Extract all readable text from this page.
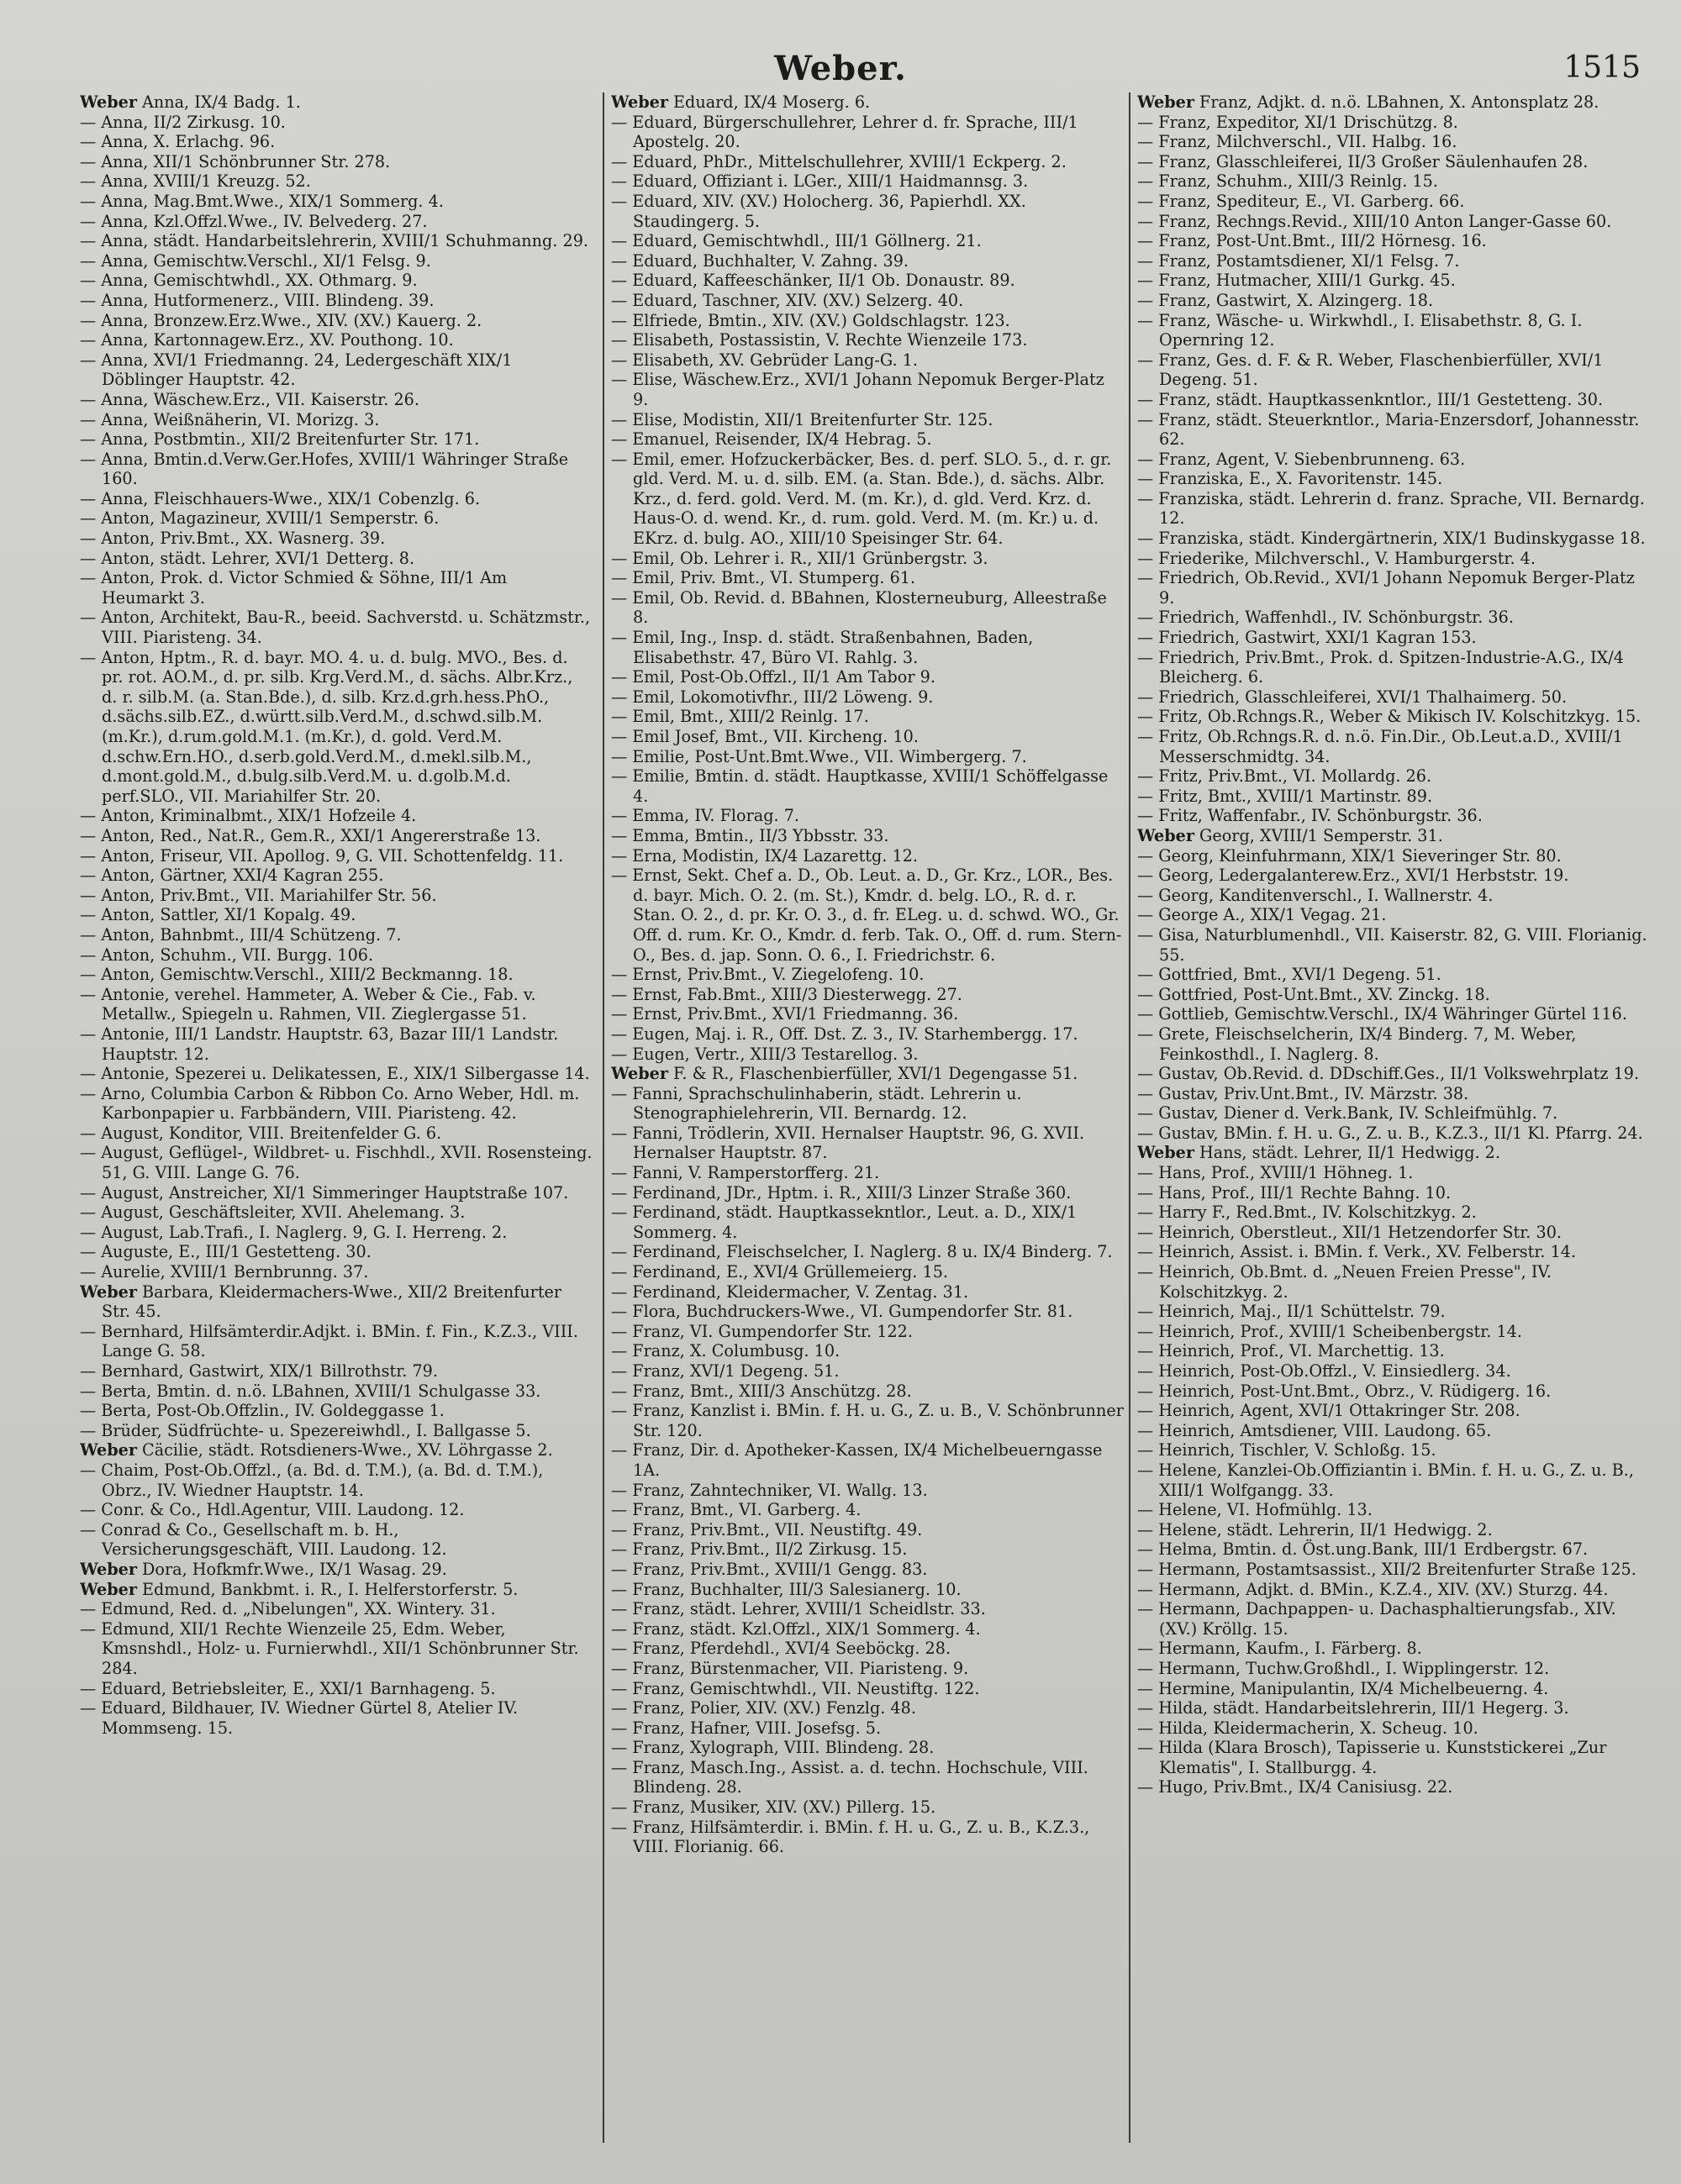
Weber.	1515

Weber Anna, IX/4 Badg. 1.

— Anna, II/2 Zirkusg. 10.

— Anna, X. Erlachg. 96.

— Anna, XII/1 Schönbrunner Str. 278.

— Anna, XVIII/1 Kreuzg. 52.

— Anna, Mag.Bmt.Wwe., XIX/1 Sommerg. 4.

— Anna, Kzl.Offzl.Wwe., IV. Belvederg. 27.

— Anna, städt. Handarbeitslehrerin, XVIII/1 Schuhmanng. 29.

— Anna, Gemischtw.Verschl., XI/1 Felsg. 9.

— Anna, Gemischtwhdl., XX. Othmarg. 9.

— Anna, Hutformenerz., VIII. Blindeng. 39.

— Anna, Bronzew.Erz.Wwe., XIV. (XV.) Kauerg. 2.

— Anna, Kartonnagew.Erz., XV. Pouthong. 10.

— Anna, XVI/1 Friedmanng. 24, Ledergeschäft XIX/1 Döblinger Hauptstr. 42.

— Anna, Wäschew.Erz., VII. Kaiserstr. 26.

— Anna, Weißnäherin, VI. Morizg. 3.

— Anna, Postbmtin., XII/2 Breitenfurter Str. 171.

— Anna, Bmtin.d.Verw.Ger.Hofes, XVIII/1 Währinger Straße 160.

— Anna, Fleischhauers-Wwe., XIX/1 Cobenzlg. 6.

— Anton, Magazineur, XVIII/1 Semperstr. 6.

— Anton, Priv.Bmt., XX. Wasnerg. 39.

— Anton, städt. Lehrer, XVI/1 Detterg. 8.

— Anton, Prok. d. Victor Schmied & Söhne, III/1 Am Heumarkt 3.

— Anton, Architekt, Bau-R., beeid. Sachverstd. u. Schätzmstr., VIII. Piaristeng. 34.

— Anton, Hptm., R. d. bayr. MO. 4. u. d. bulg. MVO., Bes. d. pr. rot. AO.M., d. pr. silb. Krg.Verd.M., d. sächs. Albr.Krz., d. r. silb.M. (a. Stan.Bde.), d. silb. Krz.d.grh.hess.PhO., d.sächs.silb.EZ., d.württ.silb.Verd.M., d.schwd.silb.M. (m.Kr.), d.rum.gold.M.1. (m.Kr.), d. gold. Verd.M. d.schw.Ern.HO., d.serb.gold.Verd.M., d.mekl.silb.M., d.mont.gold.M., d.bulg.silb.Verd.M. u. d.golb.M.d. perf.SLO., VII. Mariahilfer Str. 20.

— Anton, Kriminalbmt., XIX/1 Hofzeile 4.

— Anton, Red., Nat.R., Gem.R., XXI/1 Angererstraße 13.

— Anton, Friseur, VII. Apollog. 9, G. VII. Schottenfeldg. 11.

— Anton, Gärtner, XXI/4 Kagran 255.

— Anton, Priv.Bmt., VII. Mariahilfer Str. 56.

— Anton, Sattler, XI/1 Kopalg. 49.

— Anton, Bahnbmt., III/4 Schützeng. 7.

— Anton, Schuhm., VII. Burgg. 106.

— Anton, Gemischtw.Verschl., XIII/2 Beckmanng. 18.

— Antonie, verehel. Hammeter, A. Weber & Cie., Fab. v. Metallw., Spiegeln u. Rahmen, VII. Zieglergasse 51.

— Antonie, III/1 Landstr. Hauptstr. 63, Bazar III/1 Landstr. Hauptstr. 12.

— Antonie, Spezerei u. Delikatessen, E., XIX/1 Silbergasse 14.

— Arno, Columbia Carbon & Ribbon Co. Arno Weber, Hdl. m. Karbonpapier u. Farbbändern, VIII. Piaristeng. 42.

— August, Konditor, VIII. Breitenfelder G. 6.

— August, Geflügel-, Wildbret- u. Fischhdl., XVII. Rosensteing. 51, G. VIII. Lange G. 76.

— August, Anstreicher, XI/1 Simmeringer Hauptstraße 107.

— August, Geschäftsleiter, XVII. Ahelemang. 3.

— August, Lab.Trafi., I. Naglerg. 9, G. I. Herreng. 2.

— Auguste, E., III/1 Gestetteng. 30.

— Aurelie, XVIII/1 Bernbrunng. 37.

Weber Barbara, Kleidermachers-Wwe., XII/2 Breitenfurter Str. 45.

— Bernhard, Hilfsämterdir.Adjkt. i. BMin. f. Fin., K.Z.3., VIII. Lange G. 58.

— Bernhard, Gastwirt, XIX/1 Billrothstr. 79.

— Berta, Bmtin. d. n.ö. LBahnen, XVIII/1 Schulgasse 33.

— Berta, Post-Ob.Offzlin., IV. Goldeggasse 1.

— Brüder, Südfrüchte- u. Spezereiwhdl., I. Ballgasse 5.

Weber Cäcilie, städt. Rotsdieners-Wwe., XV. Löhrgasse 2.

— Chaim, Post-Ob.Offzl., (a. Bd. d. T.M.), (a. Bd. d. T.M.), Obrz., IV. Wiedner Hauptstr. 14.

— Conr. & Co., Hdl.Agentur, VIII. Laudong. 12.

— Conrad & Co., Gesellschaft m. b. H., Versicherungsgeschäft, VIII. Laudong. 12.

Weber Dora, Hofkmfr.Wwe., IX/1 Wasag. 29.

Weber Edmund, Bankbmt. i. R., I. Helferstorferstr. 5.

— Edmund, Red. d. „Nibelungen", XX. Wintery. 31.

— Edmund, XII/1 Rechte Wienzeile 25, Edm. Weber, Kmsnshdl., Holz- u. Furnierwhdl., XII/1 Schönbrunner Str. 284.

— Eduard, Betriebsleiter, E., XXI/1 Barnhageng. 5.

— Eduard, Bildhauer, IV. Wiedner Gürtel 8, Atelier IV. Mommseng. 15.

Weber Eduard, IX/4 Moserg. 6.

— Eduard, Bürgerschullehrer, Lehrer d. fr. Sprache, III/1 Apostelg. 20.

— Eduard, PhDr., Mittelschullehrer, XVIII/1 Eckperg. 2.

— Eduard, Offiziant i. LGer., XIII/1 Haidmannsg. 3.

— Eduard, XIV. (XV.) Holocherg. 36, Papierhdl. XX. Staudingerg. 5.

— Eduard, Gemischtwhdl., III/1 Göllnerg. 21.

— Eduard, Buchhalter, V. Zahng. 39.

— Eduard, Kaffeeschänker, II/1 Ob. Donaustr. 89.

— Eduard, Taschner, XIV. (XV.) Selzerg. 40.

— Elfriede, Bmtin., XIV. (XV.) Goldschlagstr. 123.

— Elisabeth, Postassistin, V. Rechte Wienzeile 173.

— Elisabeth, XV. Gebrüder Lang-G. 1.

— Elise, Wäschew.Erz., XVI/1 Johann Nepomuk Berger-Platz 9.

— Elise, Modistin, XII/1 Breitenfurter Str. 125.

— Emanuel, Reisender, IX/4 Hebrag. 5.

— Emil, emer. Hofzuckerbäcker, Bes. d. perf. SLO. 5., d. r. gr. gld. Verd. M. u. d. silb. EM. (a. Stan. Bde.), d. sächs. Albr. Krz., d. ferd. gold. Verd. M. (m. Kr.), d. gld. Verd. Krz. d. Haus-O. d. wend. Kr., d. rum. gold. Verd. M. (m. Kr.) u. d. EKrz. d. bulg. AO., XIII/10 Speisinger Str. 64.

— Emil, Ob. Lehrer i. R., XII/1 Grünbergstr. 3.

— Emil, Priv. Bmt., VI. Stumperg. 61.

— Emil, Ob. Revid. d. BBahnen, Klosterneuburg, Alleestraße 8.

— Emil, Ing., Insp. d. städt. Straßenbahnen, Baden, Elisabethstr. 47, Büro VI. Rahlg. 3.

— Emil, Post-Ob.Offzl., II/1 Am Tabor 9.

— Emil, Lokomotivfhr., III/2 Löweng. 9.

— Emil, Bmt., XIII/2 Reinlg. 17.

— Emil Josef, Bmt., VII. Kircheng. 10.

— Emilie, Post-Unt.Bmt.Wwe., VII. Wimbergerg. 7.

— Emilie, Bmtin. d. städt. Hauptkasse, XVIII/1 Schöffelgasse 4.

— Emma, IV. Florag. 7.

— Emma, Bmtin., II/3 Ybbsstr. 33.

— Erna, Modistin, IX/4 Lazarettg. 12.

— Ernst, Sekt. Chef a. D., Ob. Leut. a. D., Gr. Krz., LOR., Bes. d. bayr. Mich. O. 2. (m. St.), Kmdr. d. belg. LO., R. d. r. Stan. O. 2., d. pr. Kr. O. 3., d. fr. ELeg. u. d. schwd. WO., Gr. Off. d. rum. Kr. O., Kmdr. d. ferb. Tak. O., Off. d. rum. Stern-O., Bes. d. jap. Sonn. O. 6., I. Friedrichstr. 6.

— Ernst, Priv.Bmt., V. Ziegelofeng. 10.

— Ernst, Fab.Bmt., XIII/3 Diesterwegg. 27.

— Ernst, Priv.Bmt., XVI/1 Friedmanng. 36.

— Eugen, Maj. i. R., Off. Dst. Z. 3., IV. Starhembergg. 17.

— Eugen, Vertr., XIII/3 Testarellog. 3.

Weber F. & R., Flaschenbierfüller, XVI/1 Degengasse 51.

— Fanni, Sprachschulinhaberin, städt. Lehrerin u. Stenographielehrerin, VII. Bernardg. 12.

— Fanni, Trödlerin, XVII. Hernalser Hauptstr. 96, G. XVII. Hernalser Hauptstr. 87.

— Fanni, V. Ramperstorfferg. 21.

— Ferdinand, JDr., Hptm. i. R., XIII/3 Linzer Straße 360.

— Ferdinand, städt. Hauptkassekntlor., Leut. a. D., XIX/1 Sommerg. 4.

— Ferdinand, Fleischselcher, I. Naglerg. 8 u. IX/4 Binderg. 7.

— Ferdinand, E., XVI/4 Grüllemeierg. 15.

— Ferdinand, Kleidermacher, V. Zentag. 31.

— Flora, Buchdruckers-Wwe., VI. Gumpendorfer Str. 81.

— Franz, VI. Gumpendorfer Str. 122.

— Franz, X. Columbusg. 10.

— Franz, XVI/1 Degeng. 51.

— Franz, Bmt., XIII/3 Anschützg. 28.

— Franz, Kanzlist i. BMin. f. H. u. G., Z. u. B., V. Schönbrunner Str. 120.

— Franz, Dir. d. Apotheker-Kassen, IX/4 Michelbeuerngasse 1A.

— Franz, Zahntechniker, VI. Wallg. 13.

— Franz, Bmt., VI. Garberg. 4.

— Franz, Priv.Bmt., VII. Neustiftg. 49.

— Franz, Priv.Bmt., II/2 Zirkusg. 15.

— Franz, Priv.Bmt., XVIII/1 Gengg. 83.

— Franz, Buchhalter, III/3 Salesianerg. 10.

— Franz, städt. Lehrer, XVIII/1 Scheidlstr. 33.

— Franz, städt. Kzl.Offzl., XIX/1 Sommerg. 4.

— Franz, Pferdehdl., XVI/4 Seeböckg. 28.

— Franz, Bürstenmacher, VII. Piaristeng. 9.

— Franz, Gemischtwhdl., VII. Neustiftg. 122.

— Franz, Polier, XIV. (XV.) Fenzlg. 48.

— Franz, Hafner, VIII. Josefsg. 5.

— Franz, Xylograph, VIII. Blindeng. 28.

— Franz, Masch.Ing., Assist. a. d. techn. Hochschule, VIII. Blindeng. 28.

— Franz, Musiker, XIV. (XV.) Pillerg. 15.

— Franz, Hilfsämterdir. i. BMin. f. H. u. G., Z. u. B., K.Z.3., VIII. Florianig. 66.

Weber Franz, Adjkt. d. n.ö. LBahnen, X. Antonsplatz 28.

— Franz, Expeditor, XI/1 Drischützg. 8.

— Franz, Milchverschl., VII. Halbg. 16.

— Franz, Glasschleiferei, II/3 Großer Säulenhaufen 28.

— Franz, Schuhm., XIII/3 Reinlg. 15.

— Franz, Spediteur, E., VI. Garberg. 66.

— Franz, Rechngs.Revid., XIII/10 Anton Langer-Gasse 60.

— Franz, Post-Unt.Bmt., III/2 Hörnesg. 16.

— Franz, Postamtsdiener, XI/1 Felsg. 7.

— Franz, Hutmacher, XIII/1 Gurkg. 45.

— Franz, Gastwirt, X. Alzingerg. 18.

— Franz, Wäsche- u. Wirkwhdl., I. Elisabethstr. 8, G. I. Opernring 12.

— Franz, Ges. d. F. & R. Weber, Flaschenbierfüller, XVI/1 Degeng. 51.

— Franz, städt. Hauptkassenkntlor., III/1 Gestetteng. 30.

— Franz, städt. Steuerkntlor., Maria-Enzersdorf, Johannesstr. 62.

— Franz, Agent, V. Siebenbrunneng. 63.

— Franziska, E., X. Favoritenstr. 145.

— Franziska, städt. Lehrerin d. franz. Sprache, VII. Bernardg. 12.

— Franziska, städt. Kindergärtnerin, XIX/1 Budinskygasse 18.

— Friederike, Milchverschl., V. Hamburgerstr. 4.

— Friedrich, Ob.Revid., XVI/1 Johann Nepomuk Berger-Platz 9.

— Friedrich, Waffenhdl., IV. Schönburgstr. 36.

— Friedrich, Gastwirt, XXI/1 Kagran 153.

— Friedrich, Priv.Bmt., Prok. d. Spitzen-Industrie-A.G., IX/4 Bleicherg. 6.

— Friedrich, Glasschleiferei, XVI/1 Thalhaimerg. 50.

— Fritz, Ob.Rchngs.R., Weber & Mikisch IV. Kolschitzkyg. 15.

— Fritz, Ob.Rchngs.R. d. n.ö. Fin.Dir., Ob.Leut.a.D., XVIII/1 Messerschmidtg. 34.

— Fritz, Priv.Bmt., VI. Mollardg. 26.

— Fritz, Bmt., XVIII/1 Martinstr. 89.

— Fritz, Waffenfabr., IV. Schönburgstr. 36.

Weber Georg, XVIII/1 Semperstr. 31.

— Georg, Kleinfuhrmann, XIX/1 Sieveringer Str. 80.

— Georg, Ledergalanterew.Erz., XVI/1 Herbststr. 19.

— Georg, Kanditenverschl., I. Wallnerstr. 4.

— George A., XIX/1 Vegag. 21.

— Gisa, Naturblumenhdl., VII. Kaiserstr. 82, G. VIII. Florianig. 55.

— Gottfried, Bmt., XVI/1 Degeng. 51.

— Gottfried, Post-Unt.Bmt., XV. Zinckg. 18.

— Gottlieb, Gemischtw.Verschl., IX/4 Währinger Gürtel 116.

— Grete, Fleischselcherin, IX/4 Binderg. 7, M. Weber, Feinkosthdl., I. Naglerg. 8.

— Gustav, Ob.Revid. d. DDschiff.Ges., II/1 Volkswehrplatz 19.

— Gustav, Priv.Unt.Bmt., IV. Märzstr. 38.

— Gustav, Diener d. Verk.Bank, IV. Schleifmühlg. 7.

— Gustav, BMin. f. H. u. G., Z. u. B., K.Z.3., II/1 Kl. Pfarrg. 24.

Weber Hans, städt. Lehrer, II/1 Hedwigg. 2.

— Hans, Prof., XVIII/1 Höhneg. 1.

— Hans, Prof., III/1 Rechte Bahng. 10.

— Harry F., Red.Bmt., IV. Kolschitzkyg. 2.

— Heinrich, Oberstleut., XII/1 Hetzendorfer Str. 30.

— Heinrich, Assist. i. BMin. f. Verk., XV. Felberstr. 14.

— Heinrich, Ob.Bmt. d. „Neuen Freien Presse", IV. Kolschitzkyg. 2.

— Heinrich, Maj., II/1 Schüttelstr. 79.

— Heinrich, Prof., XVIII/1 Scheibenbergstr. 14.

— Heinrich, Prof., VI. Marchettig. 13.

— Heinrich, Post-Ob.Offzl., V. Einsiedlerg. 34.

— Heinrich, Post-Unt.Bmt., Obrz., V. Rüdigerg. 16.

— Heinrich, Agent, XVI/1 Ottakringer Str. 208.

— Heinrich, Amtsdiener, VIII. Laudong. 65.

— Heinrich, Tischler, V. Schloßg. 15.

— Helene, Kanzlei-Ob.Offiziantin i. BMin. f. H. u. G., Z. u. B., XIII/1 Wolfgangg. 33.

— Helene, VI. Hofmühlg. 13.

— Helene, städt. Lehrerin, II/1 Hedwigg. 2.

— Helma, Bmtin. d. Öst.ung.Bank, III/1 Erdbergstr. 67.

— Hermann, Postamtsassist., XII/2 Breitenfurter Straße 125.

— Hermann, Adjkt. d. BMin., K.Z.4., XIV. (XV.) Sturzg. 44.

— Hermann, Dachpappen- u. Dachasphaltierungsfab., XIV. (XV.) Kröllg. 15.

— Hermann, Kaufm., I. Färberg. 8.

— Hermann, Tuchw.Großhdl., I. Wipplingerstr. 12.

— Hermine, Manipulantin, IX/4 Michelbeuerng. 4.

— Hilda, städt. Handarbeitslehrerin, III/1 Hegerg. 3.

— Hilda, Kleidermacherin, X. Scheug. 10.

— Hilda (Klara Brosch), Tapisserie u. Kunststickerei „Zur Klematis", I. Stallburgg. 4.

— Hugo, Priv.Bmt., IX/4 Canisiusg. 22.
